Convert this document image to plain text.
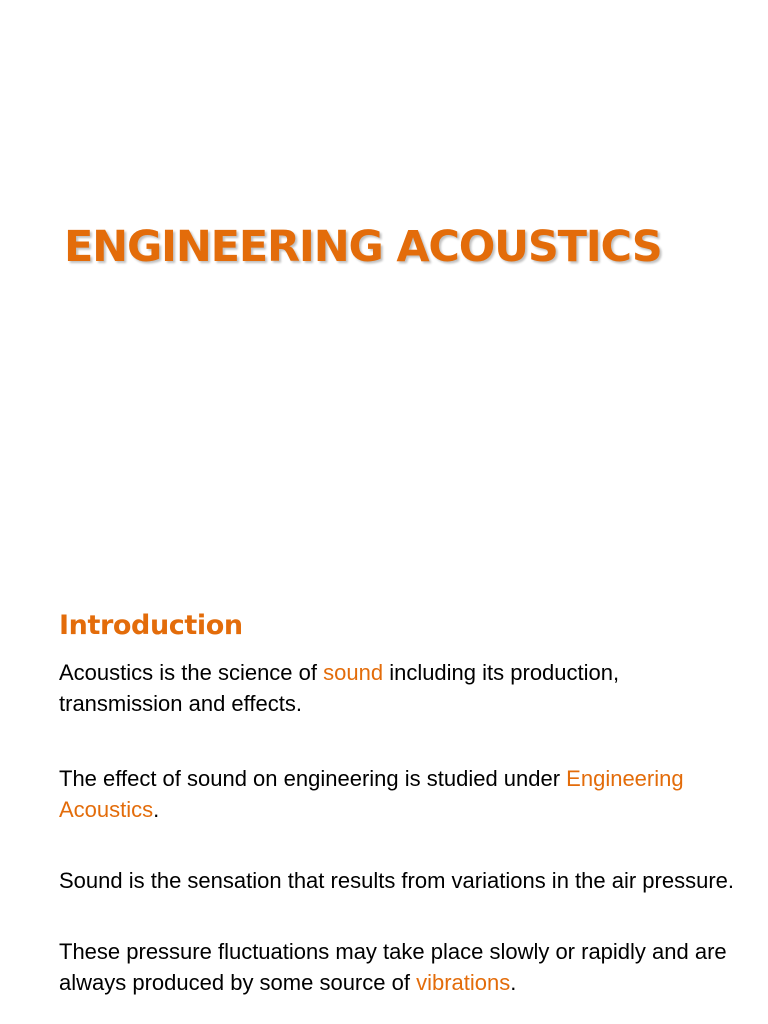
ENGINEERING ACOUSTICS
Introduction

Acoustics is the science of sound including its production, transmission and effects.

The effect of sound on engineering is studied under Engineering Acoustics.

Sound is the sensation that results from variations in the air pressure.

These pressure fluctuations may take place slowly or rapidly and are always produced by some source of vibrations.
